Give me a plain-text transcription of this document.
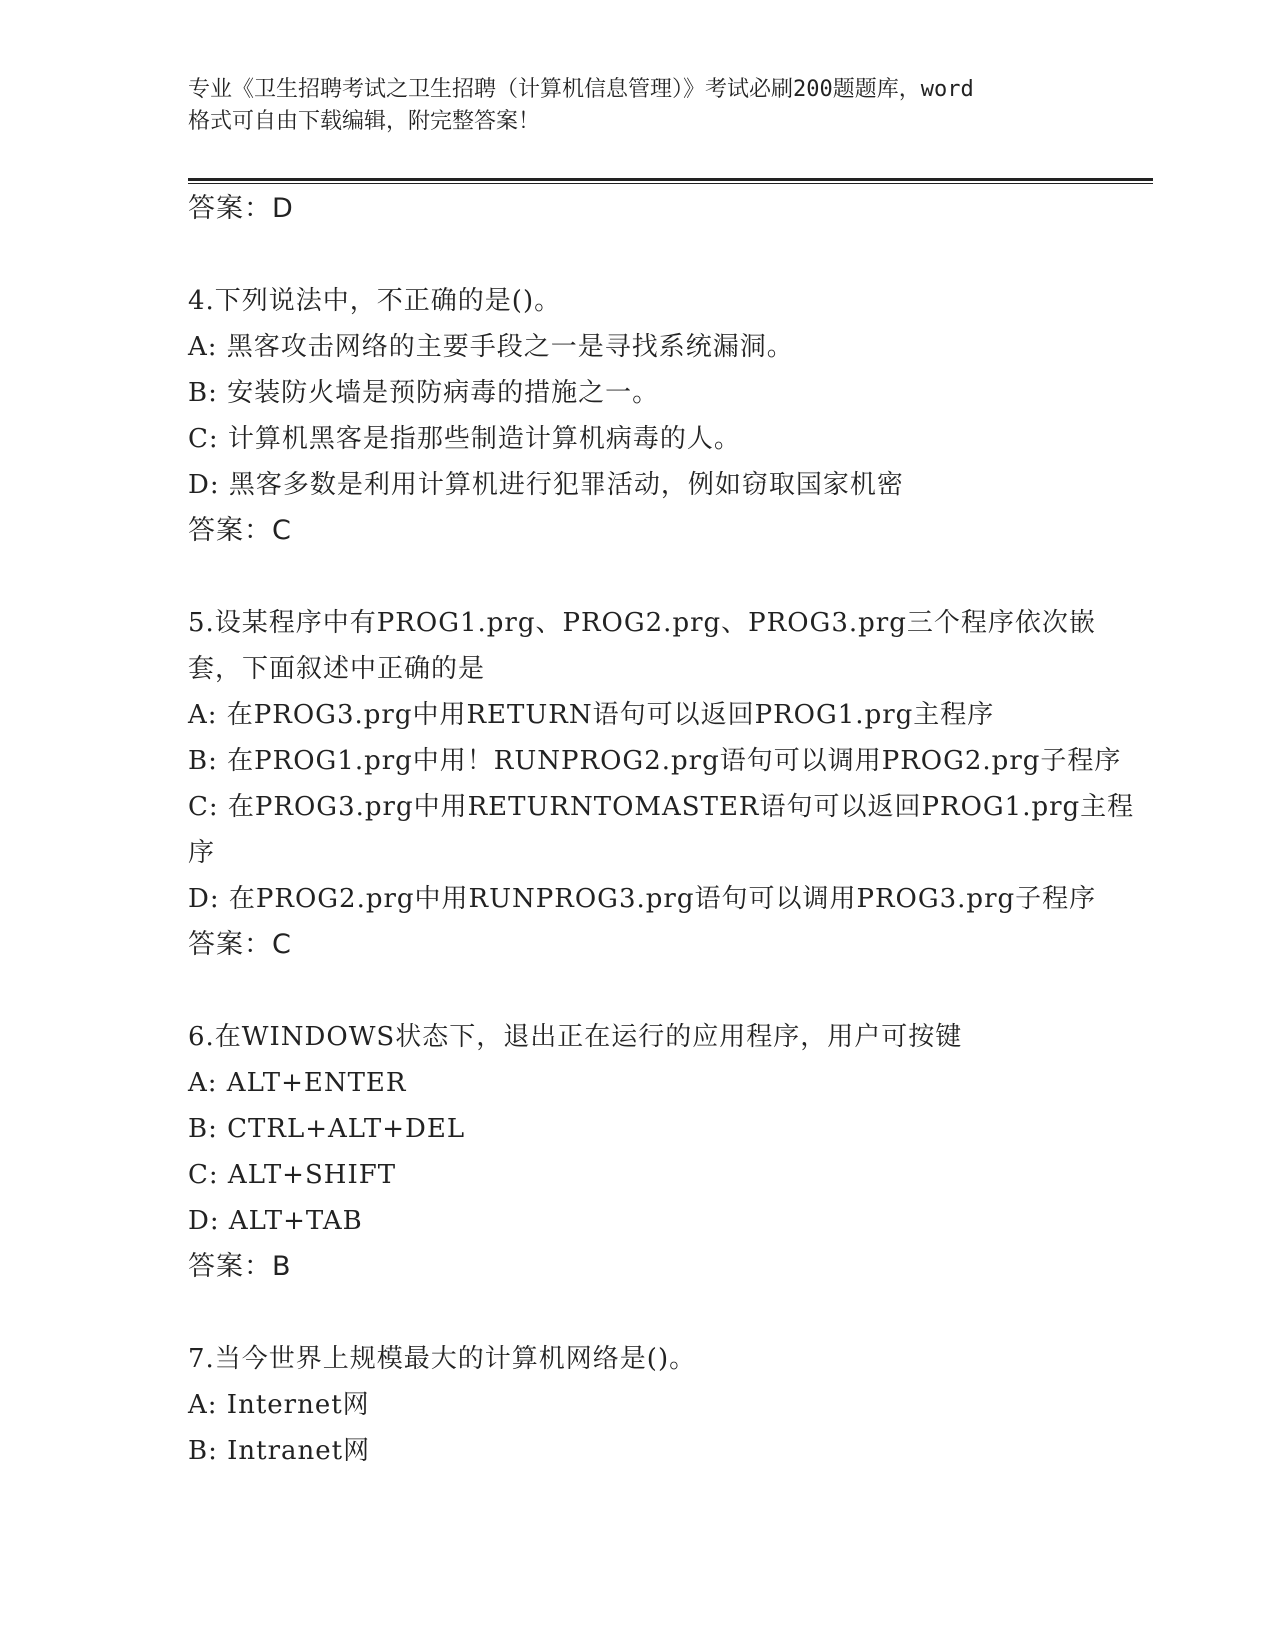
专业《卫生招聘考试之卫生招聘（计算机信息管理）》考试必刷200题题库，word
格式可自由下载编辑，附完整答案！
答案：D
4.下列说法中，不正确的是()。
A: 黑客攻击网络的主要手段之一是寻找系统漏洞。
B: 安装防火墙是预防病毒的措施之一。
C: 计算机黑客是指那些制造计算机病毒的人。
D: 黑客多数是利用计算机进行犯罪活动，例如窃取国家机密
答案：C
5.设某程序中有PROG1.prg、PROG2.prg、PROG3.prg三个程序依次嵌
套，下面叙述中正确的是
A: 在PROG3.prg中用RETURN语句可以返回PROG1.prg主程序
B: 在PROG1.prg中用！RUNPROG2.prg语句可以调用PROG2.prg子程序
C: 在PROG3.prg中用RETURNTOMASTER语句可以返回PROG1.prg主程
序
D: 在PROG2.prg中用RUNPROG3.prg语句可以调用PROG3.prg子程序
答案：C
6.在WINDOWS状态下，退出正在运行的应用程序，用户可按键
A: ALT+ENTER
B: CTRL+ALT+DEL
C: ALT+SHIFT
D: ALT+TAB
答案：B
7.当今世界上规模最大的计算机网络是()。
A: Internet网
B: Intranet网
